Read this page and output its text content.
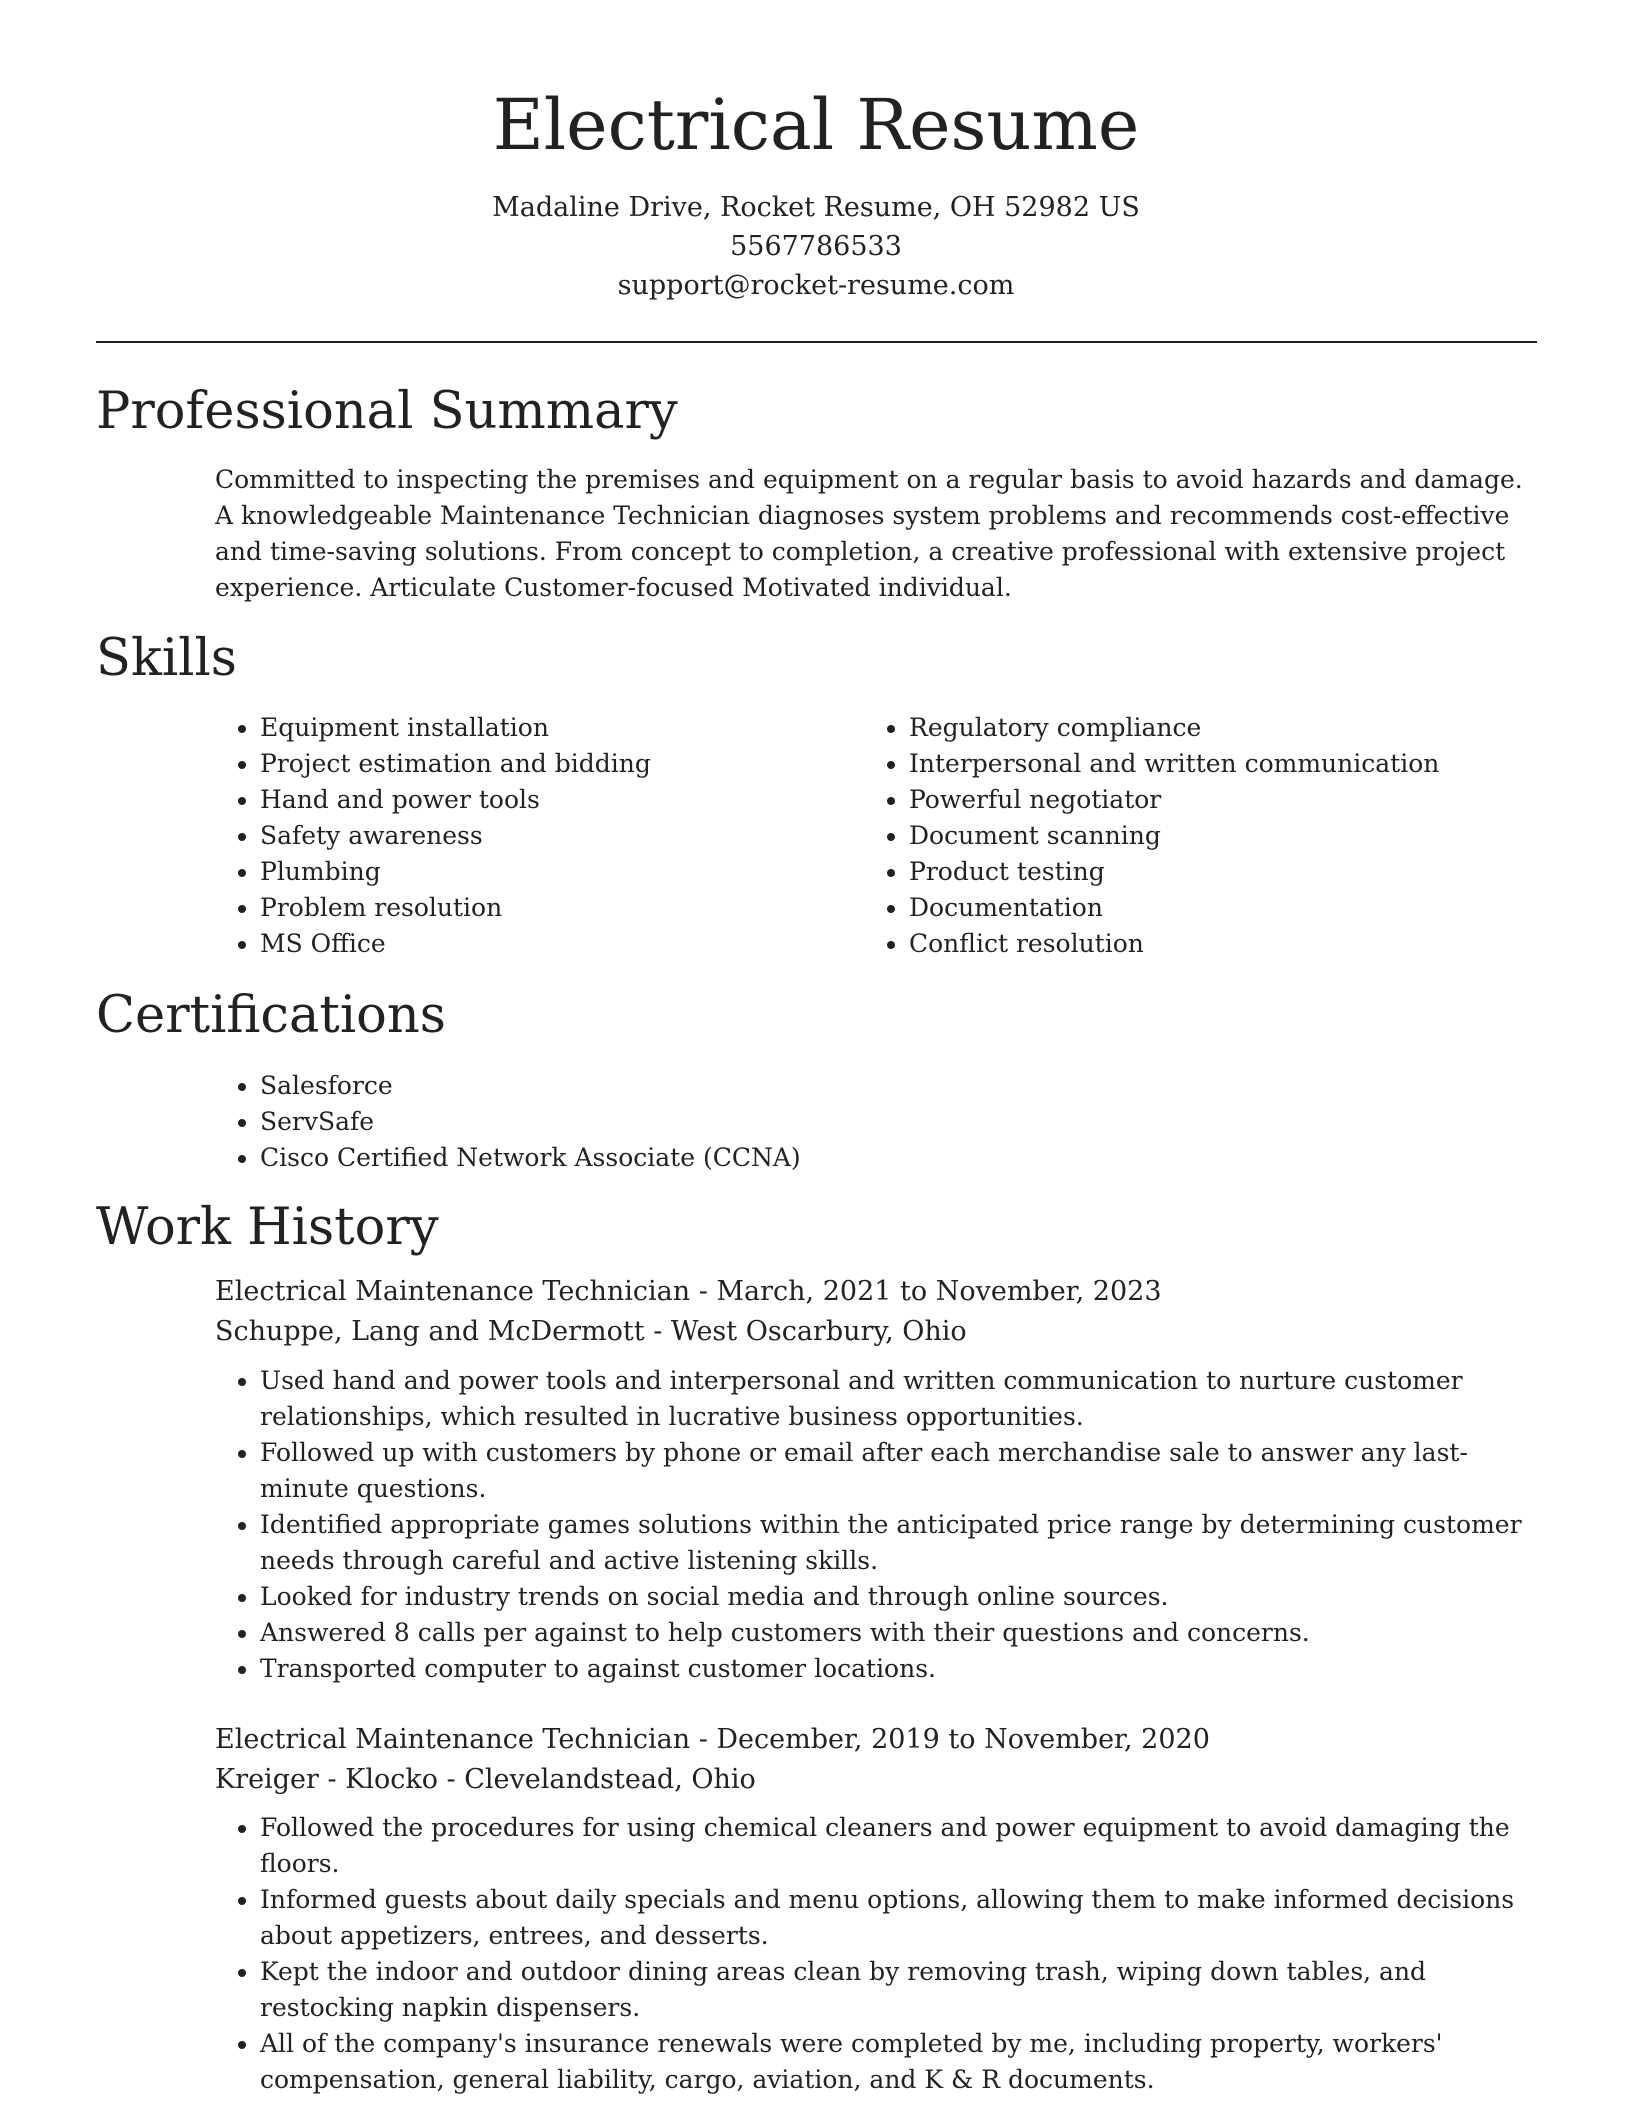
Electrical Resume
Madaline Drive, Rocket Resume, OH 52982 US
5567786533
support@rocket-resume.com
Professional Summary

Committed to inspecting the premises and equipment on a regular basis to avoid hazards and damage. A knowledgeable Maintenance Technician diagnoses system problems and recommends cost-effective and time-saving solutions. From concept to completion, a creative professional with extensive project experience. Articulate Customer-focused Motivated individual.

Skills
• Equipment installation
• Project estimation and bidding
• Hand and power tools
• Safety awareness
• Plumbing
• Problem resolution
• MS Office
• Regulatory compliance
• Interpersonal and written communication
• Powerful negotiator
• Document scanning
• Product testing
• Documentation
• Conflict resolution
Certifications
• Salesforce
• ServSafe
• Cisco Certified Network Associate (CCNA)
Work History
Electrical Maintenance Technician - March, 2021 to November, 2023
Schuppe, Lang and McDermott - West Oscarbury, Ohio
• Used hand and power tools and interpersonal and written communication to nurture customer relationships, which resulted in lucrative business opportunities.
• Followed up with customers by phone or email after each merchandise sale to answer any last-minute questions.
• Identified appropriate games solutions within the anticipated price range by determining customer needs through careful and active listening skills.
• Looked for industry trends on social media and through online sources.
• Answered 8 calls per against to help customers with their questions and concerns.
• Transported computer to against customer locations.
Electrical Maintenance Technician - December, 2019 to November, 2020
Kreiger - Klocko - Clevelandstead, Ohio
• Followed the procedures for using chemical cleaners and power equipment to avoid damaging the floors.
• Informed guests about daily specials and menu options, allowing them to make informed decisions about appetizers, entrees, and desserts.
• Kept the indoor and outdoor dining areas clean by removing trash, wiping down tables, and restocking napkin dispensers.
• All of the company's insurance renewals were completed by me, including property, workers' compensation, general liability, cargo, aviation, and K & R documents.
